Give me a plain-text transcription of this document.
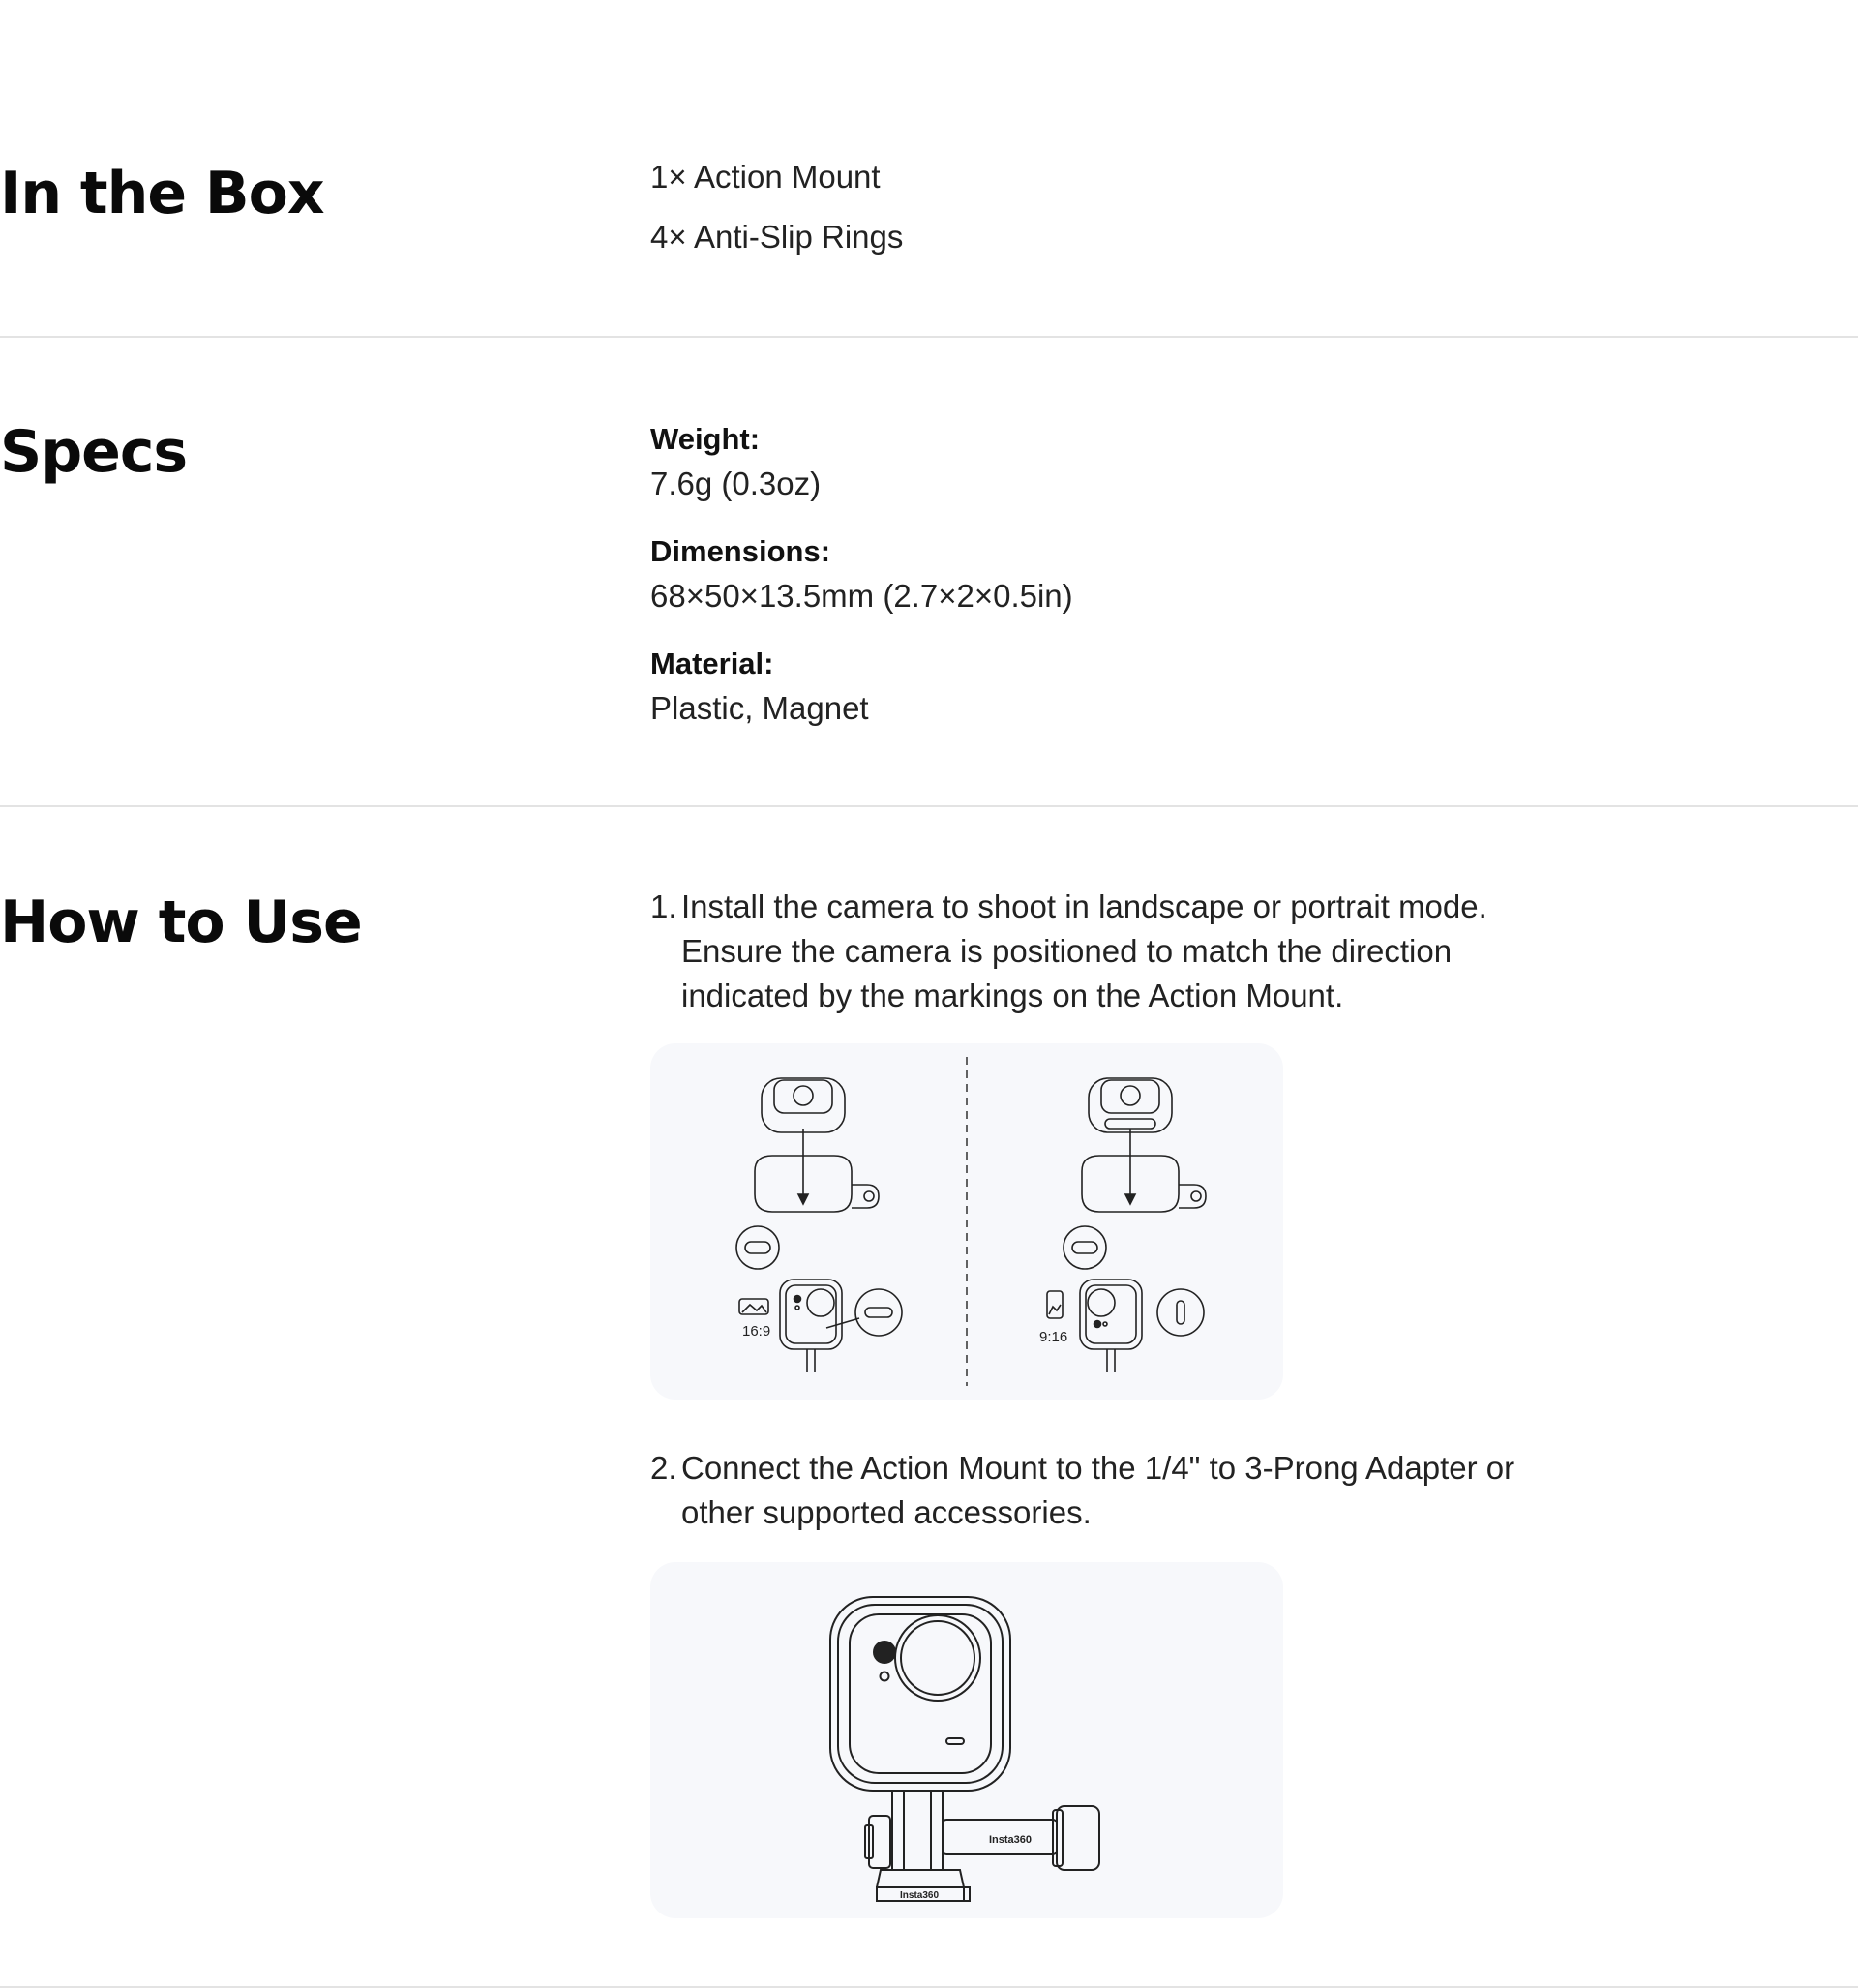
In the Box	1× Action Mount
4× Anti-Slip Rings
Specs	Weight:
7.6g (0.3oz)
Dimensions:
68×50×13.5mm (2.7×2×0.5in)
Material:
Plastic, Magnet
How to Use	1. Install the camera to shoot in landscape or portrait mode. Ensure the camera is positioned to match the direction indicated by the markings on the Action Mount.
16:9	9:16
2. Connect the Action Mount to the 1/4" to 3-Prong Adapter or other supported accessories.
Insta360
Insta360
